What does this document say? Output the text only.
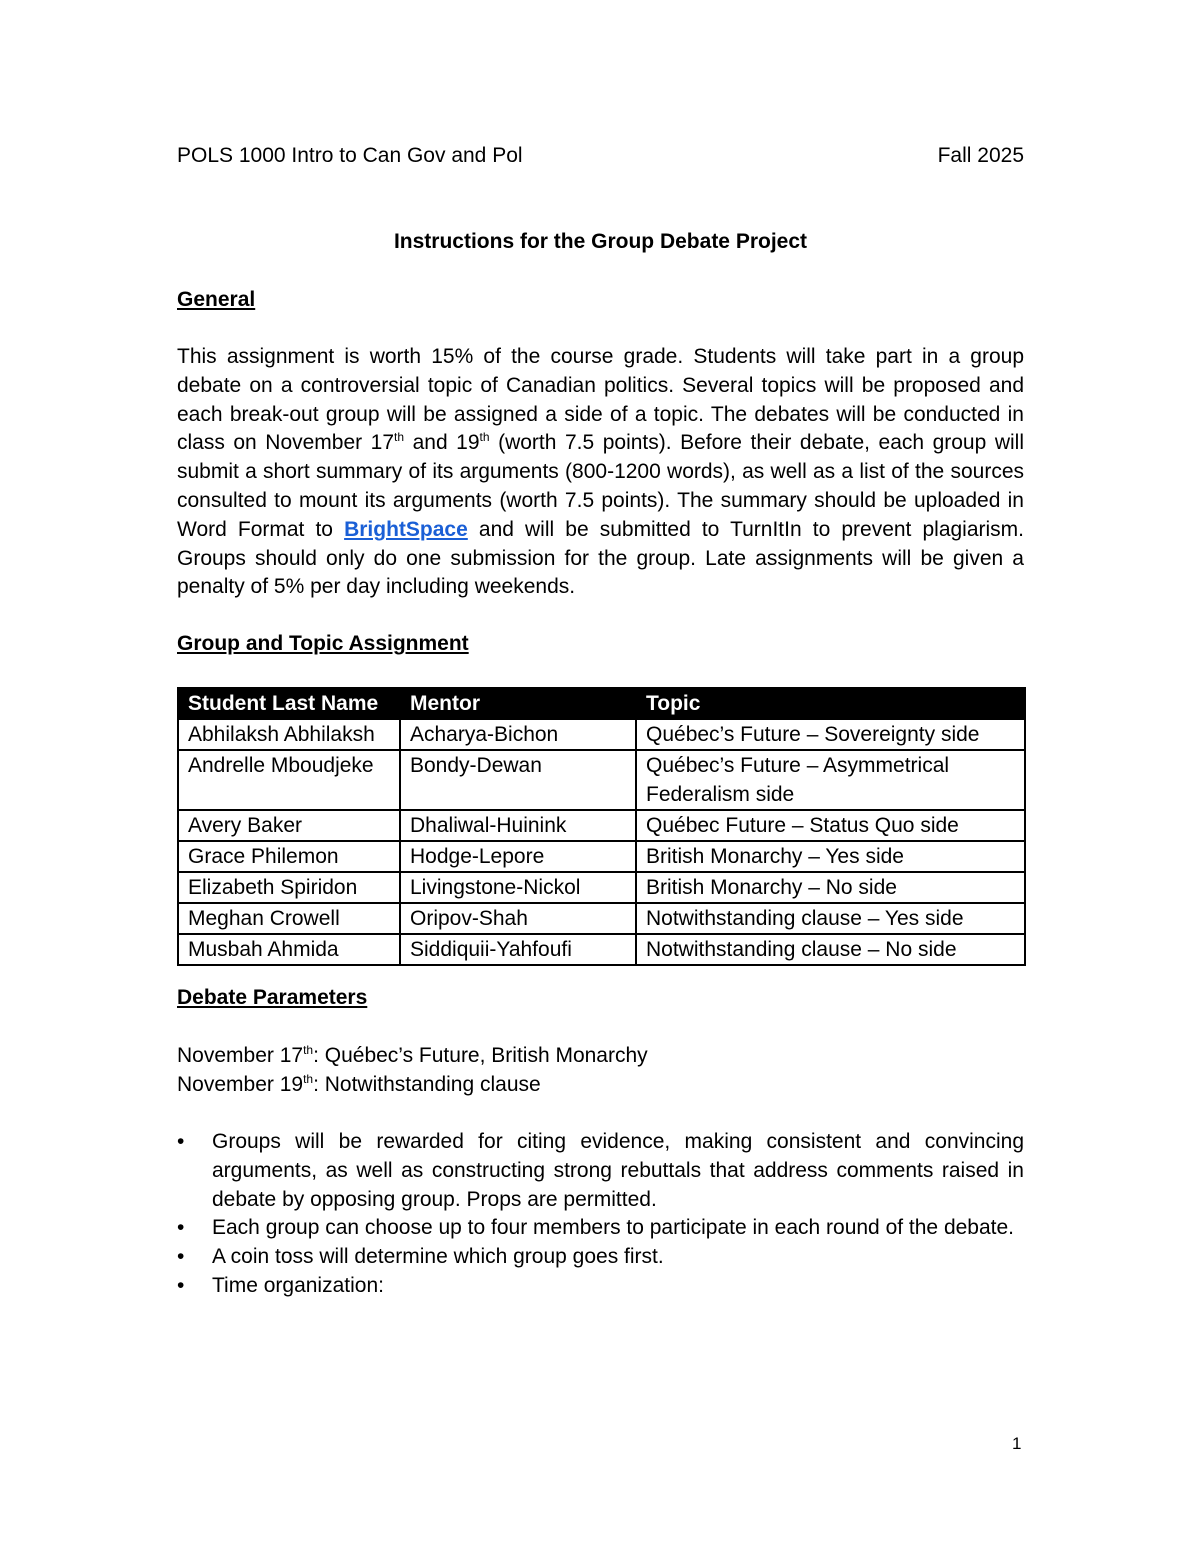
POLS 1000 Intro to Can Gov and Pol	Fall 2025
Instructions for the Group Debate Project
General

This assignment is worth 15% of the course grade. Students will take part in a group debate on a controversial topic of Canadian politics. Several topics will be proposed and each break-out group will be assigned a side of a topic. The debates will be conducted in class on November 17th and 19th (worth 7.5 points). Before their debate, each group will submit a short summary of its arguments (800-1200 words), as well as a list of the sources consulted to mount its arguments (worth 7.5 points). The summary should be uploaded in Word Format to BrightSpace and will be submitted to TurnItIn to prevent plagiarism. Groups should only do one submission for the group. Late assignments will be given a penalty of 5% per day including weekends.

Group and Topic Assignment
Student Last Name	Mentor	Topic
Abhilaksh Abhilaksh	Acharya-Bichon	Québec’s Future – Sovereignty side
Andrelle Mboudjeke	Bondy-Dewan	Québec’s Future – Asymmetrical Federalism side
Avery Baker	Dhaliwal-Huinink	Québec Future – Status Quo side
Grace Philemon	Hodge-Lepore	British Monarchy – Yes side
Elizabeth Spiridon	Livingstone-Nickol	British Monarchy – No side
Meghan Crowell	Oripov-Shah	Notwithstanding clause – Yes side
Musbah Ahmida	Siddiquii-Yahfoufi	Notwithstanding clause – No side
Debate Parameters
November 17th: Québec’s Future, British Monarchy
November 19th: Notwithstanding clause
• Groups will be rewarded for citing evidence, making consistent and convincing arguments, as well as constructing strong rebuttals that address comments raised in debate by opposing group. Props are permitted.
• Each group can choose up to four members to participate in each round of the debate.
• A coin toss will determine which group goes first.
• Time organization:
1
